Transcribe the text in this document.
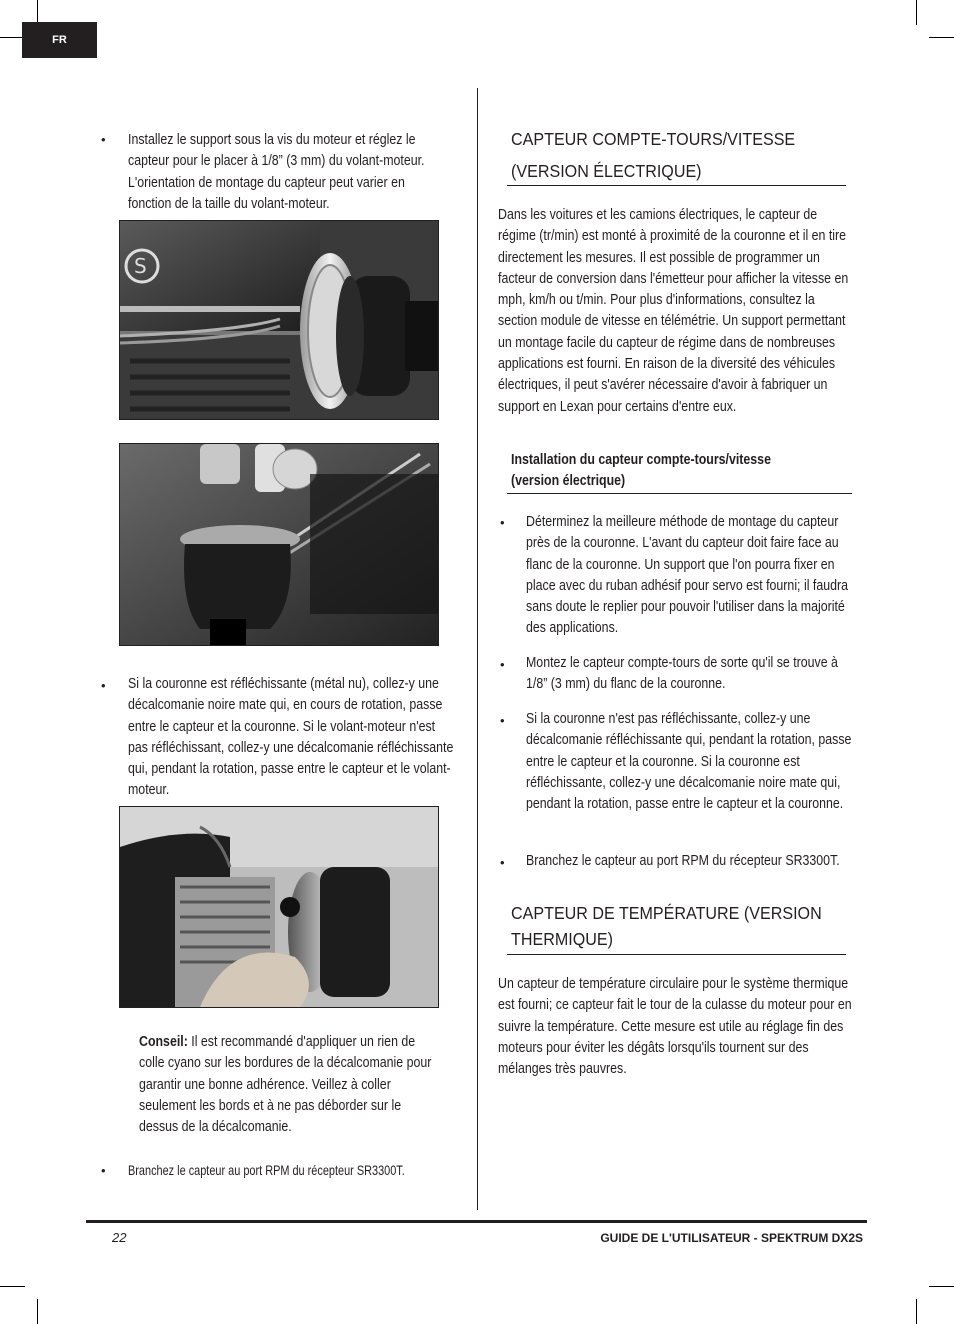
FR
• Installez le support sous la vis du moteur et réglez le capteur pour le placer à 1/8” (3 mm) du volant-moteur. L'orientation de montage du capteur peut varier en fonction de la taille du volant-moteur.
S
• Si la couronne est réfléchissante (métal nu), collez-y une décalcomanie noire mate qui, en cours de rotation, passe entre le capteur et la couronne. Si le volant-moteur n'est pas réfléchissant, collez-y une décalcomanie réfléchissante qui, pendant la rotation, passe entre le capteur et le volant-moteur.
Conseil: Il est recommandé d'appliquer un rien de colle cyano sur les bordures de la décalcomanie pour garantir une bonne adhérence. Veillez à coller seulement les bords et à ne pas déborder sur le dessus de la décalcomanie.
• Branchez le capteur au port RPM du récepteur SR3300T.
CAPTEUR COMPTE-TOURS/VITESSE
(VERSION ÉLECTRIQUE)
Dans les voitures et les camions électriques, le capteur de régime (tr/min) est monté à proximité de la couronne et il en tire directement les mesures. Il est possible de programmer un facteur de conversion dans l'émetteur pour afficher la vitesse en mph, km/h ou t/min. Pour plus d'informations, consultez la section module de vitesse en télémétrie. Un support permettant un montage facile du capteur de régime dans de nombreuses applications est fourni. En raison de la diversité des véhicules électriques, il peut s'avérer nécessaire d'avoir à fabriquer un support en Lexan pour certains d'entre eux.
Installation du capteur compte-tours/vitesse
(version électrique)
• Déterminez la meilleure méthode de montage du capteur près de la couronne. L'avant du capteur doit faire face au flanc de la couronne. Un support que l'on pourra fixer en place avec du ruban adhésif pour servo est fourni; il faudra sans doute le replier pour pouvoir l'utiliser dans la majorité des applications.
• Montez le capteur compte-tours de sorte qu'il se trouve à 1/8” (3 mm) du flanc de la couronne.
• Si la couronne n'est pas réfléchissante, collez-y une décalcomanie réfléchissante qui, pendant la rotation, passe entre le capteur et la couronne. Si la couronne est réfléchissante, collez-y une décalcomanie noire mate qui, pendant la rotation, passe entre le capteur et la couronne.
• Branchez le capteur au port RPM du récepteur SR3300T.
CAPTEUR DE TEMPÉRATURE (VERSION
THERMIQUE)
Un capteur de température circulaire pour le système thermique est fourni; ce capteur fait le tour de la culasse du moteur pour en suivre la température. Cette mesure est utile au réglage fin des moteurs pour éviter les dégâts lorsqu'ils tournent sur des mélanges très pauvres.
22	GUIDE DE L'UTILISATEUR - SPEKTRUM DX2S
